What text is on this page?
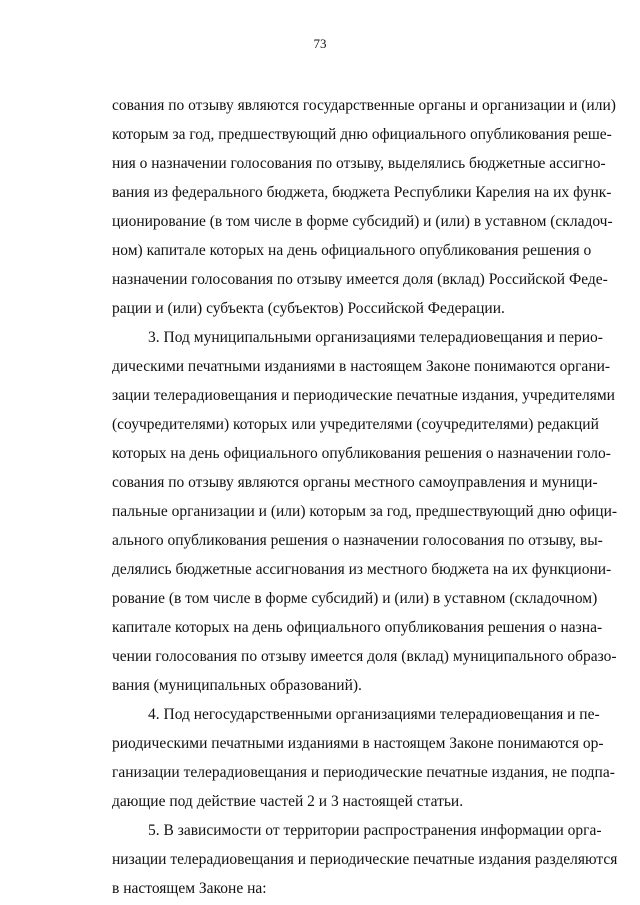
73
сования по отзыву являются государственные органы и организации и (или)
которым за год, предшествующий дню официального опубликования реше-
ния о назначении голосования по отзыву, выделялись бюджетные ассигно-
вания из федерального бюджета, бюджета Республики Карелия на их функ-
ционирование (в том числе в форме субсидий) и (или) в уставном (складоч-
ном) капитале которых на день официального опубликования решения о
назначении голосования по отзыву имеется доля (вклад) Российской Феде-
рации и (или) субъекта (субъектов) Российской Федерации.
3. Под муниципальными организациями телерадиовещания и перио-
дическими печатными изданиями в настоящем Законе понимаются органи-
зации телерадиовещания и периодические печатные издания, учредителями
(соучредителями) которых или учредителями (соучредителями) редакций
которых на день официального опубликования решения о назначении голо-
сования по отзыву являются органы местного самоуправления и муници-
пальные организации и (или) которым за год, предшествующий дню офици-
ального опубликования решения о назначении голосования по отзыву, вы-
делялись бюджетные ассигнования из местного бюджета на их функциони-
рование (в том числе в форме субсидий) и (или) в уставном (складочном)
капитале которых на день официального опубликования решения о назна-
чении голосования по отзыву имеется доля (вклад) муниципального образо-
вания (муниципальных образований).
4. Под негосударственными организациями телерадиовещания и пе-
риодическими печатными изданиями в настоящем Законе понимаются ор-
ганизации телерадиовещания и периодические печатные издания, не подпа-
дающие под действие частей 2 и 3 настоящей статьи.
5. В зависимости от территории распространения информации орга-
низации телерадиовещания и периодические печатные издания разделяются
в настоящем Законе на:
